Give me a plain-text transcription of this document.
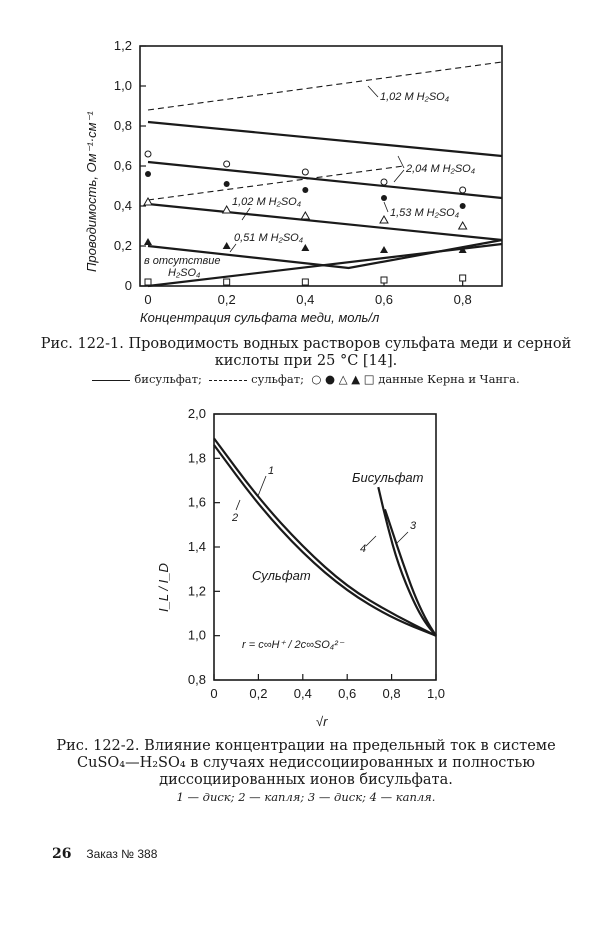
0
0,2
0,4
0,6
0,8
1,0
1,2
0	0,2	0,4	0,6	0,8
1,02 М H₂SO₄
2,04 М H₂SO₄
1,02 М H₂SO₄
1,53 М H₂SO₄
0,51 М H₂SO₄
в отсутствие
H₂SO₄
Проводимость, Ом⁻¹·см⁻¹
Концентрация сульфата меди, моль/л
0,8
1,0
1,2
1,4
1,6
1,8
2,0
0 0,2 0,4 0,6 0,8 1,0
1
2
3
4
Бисульфат
Сульфат
r = c∞H⁺ / 2c∞SO₄²⁻
I_L / I_D
√r

Рис. 122-1. Проводимость водных растворов сульфата меди и серной кислоты при 25 °С [14].

бисульфат;	сульфат; ○ ● △ ▲ □ данные Керна и Чанга.

Рис. 122-2. Влияние концентрации на предельный ток в системе CuSO₄—H₂SO₄ в случаях недиссоциированных и полностью диссоциированных ионов бисульфата.

1 — диск; 2 — капля; 3 — диск; 4 — капля.
26 Заказ № 388
